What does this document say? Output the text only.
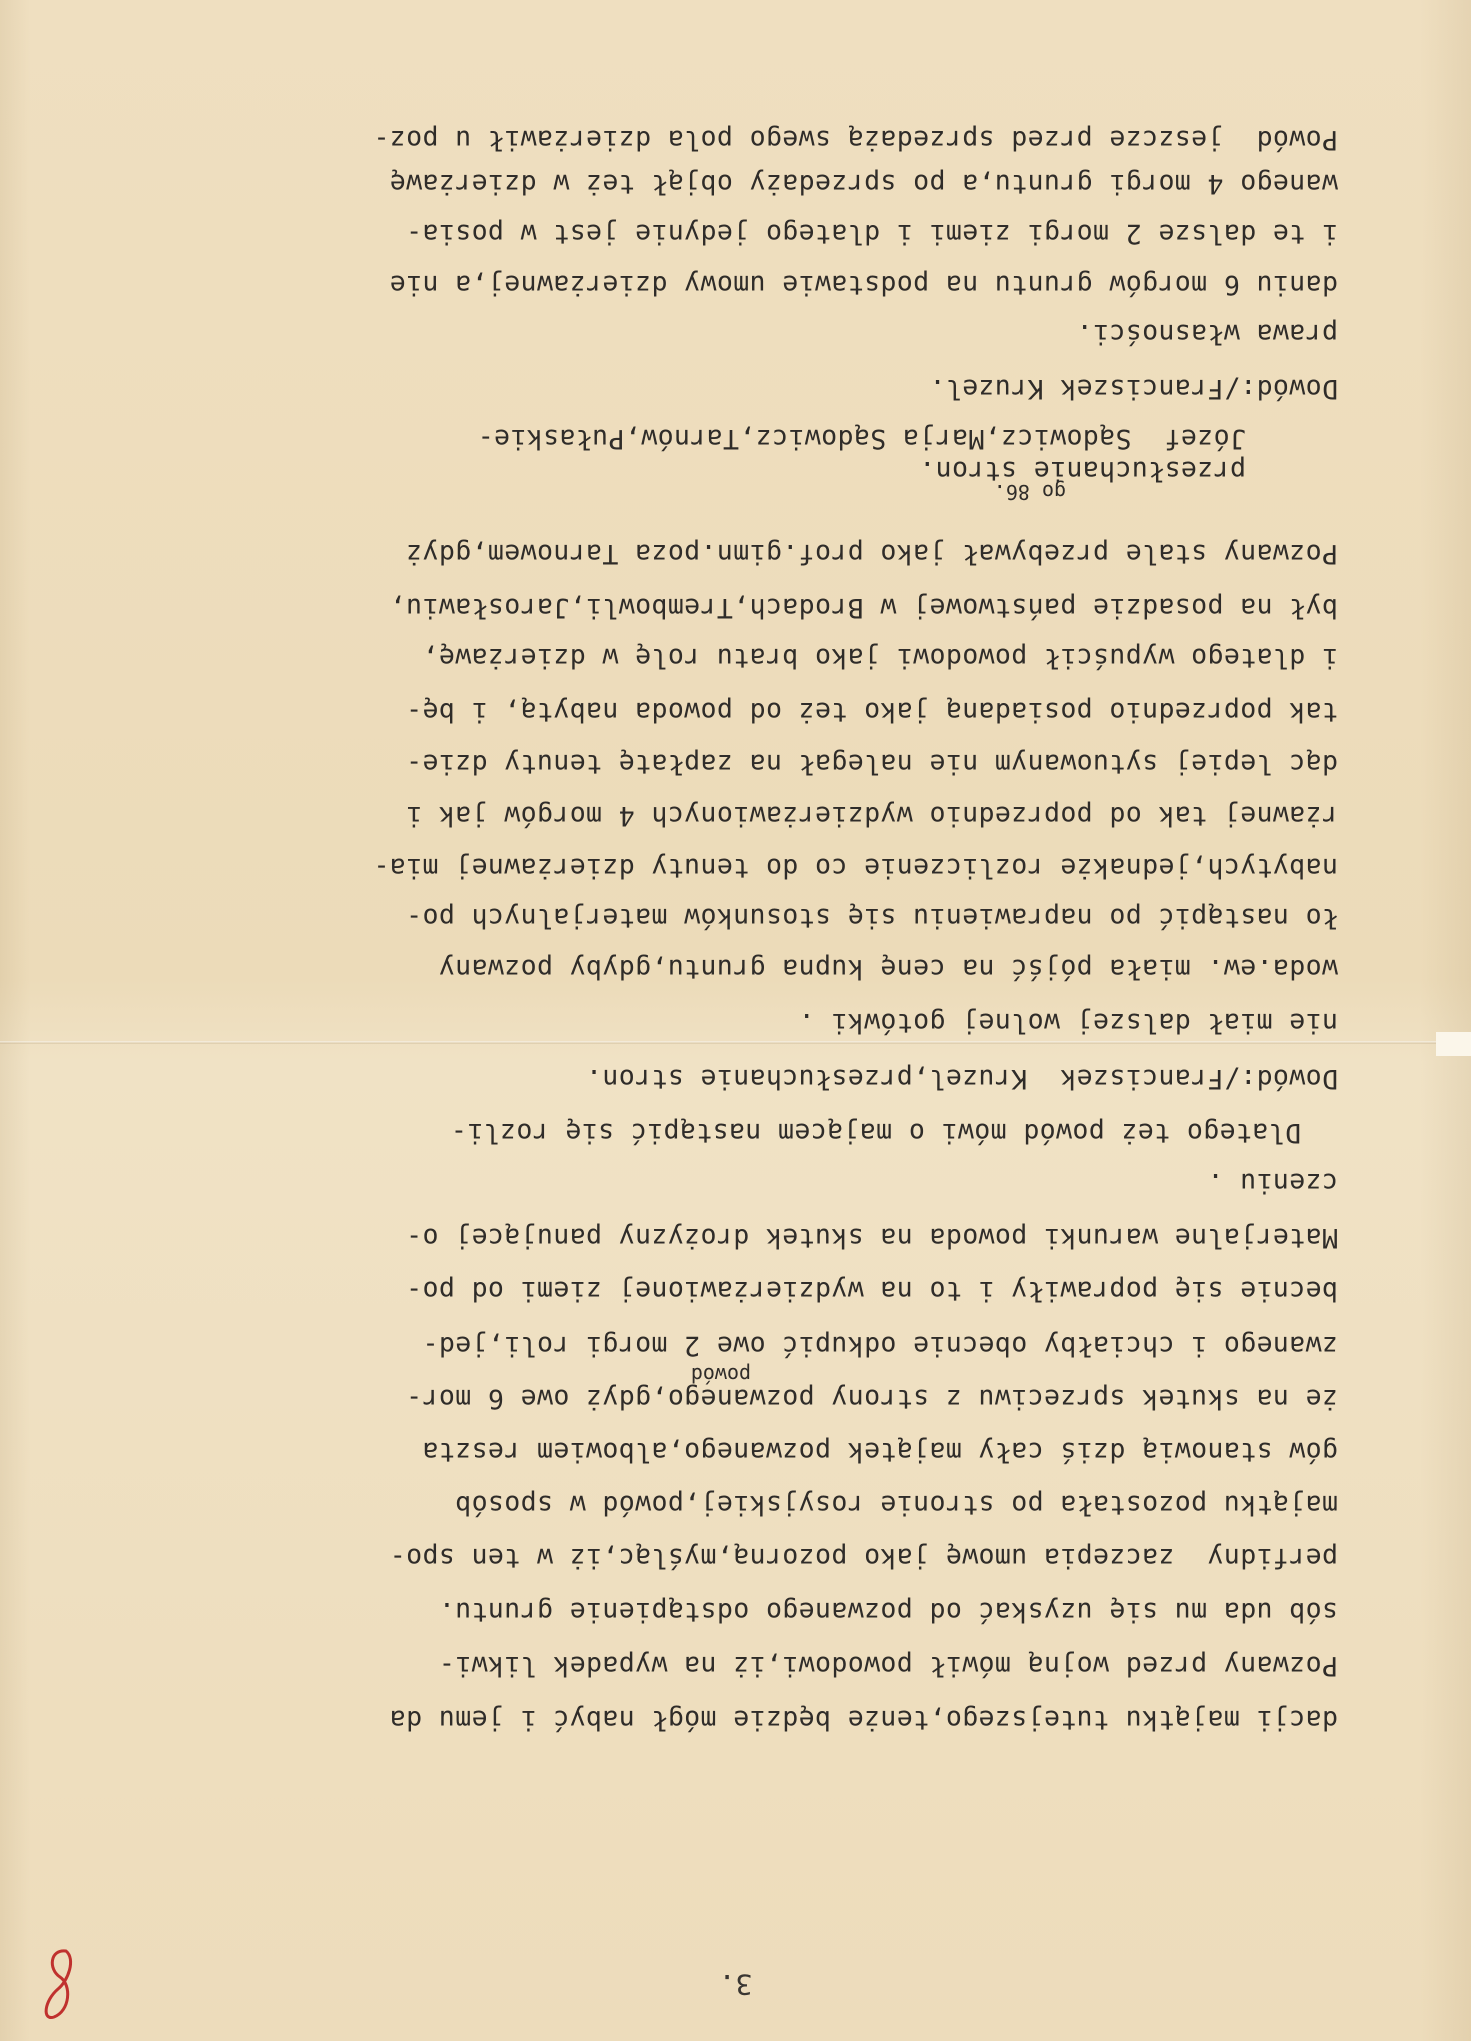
3.
Powód  jeszcze przed sprzedażą swego pola dzierżawił u poz-
wanego 4 morgi gruntu,a po sprzedaży objął też w dzierżawę
i te dalsze 2 morgi ziemi i dlatego jedynie jest w posia-
daniu 6 morgów gruntu na podstawie umowy dzierżawnej,a nie
prawa własności.
Dowód:/Franciszek Kruzel.
Józef  Sądowicz,Marja Sądowicz,Tarnów,Pułaskie-
przesłuchanie stron.
Pozwany stale przebywał jako prof.gimn.poza Tarnowem,gdyż
był na posadzie państwowej w Brodach,Trembowli,Jarosławiu,
i dlatego wypuścił powodowi jako bratu rolę w dzierżawę,
tak poprzednio posiadaną jako też od powoda nabytą, i bę-
dąc lepiej sytuowanym nie nalegał na zapłatę tenuty dzie-
rżawnej tak od poprzednio wydzierżawionych 4 morgów jak i
nabytych,jednakże rozliczenie co do tenuty dzierżawnej mia-
ło nastąpić po naprawieniu się stosunków materjalnych po-
woda.ew. miała pójść na cenę kupna gruntu,gdyby pozwany
nie miał dalszej wolnej gotówki .
Dowód:/Franciszek  Kruzel,przesłuchanie stron.
Dlatego też powód mówi o mającem nastąpić się rozli-
czeniu .
Materjalne warunki powoda na skutek drożyzny panującej o-
becnie się poprawiły i to na wydzierżawionej ziemi od po-
zwanego i chciałby obecnie odkupić owe 2 morgi roli,jed-
że na skutek sprzeciwu z strony pozwanego,gdyż owe 6 mor-
gów stanowią dziś cały majątek pozwanego,albowiem reszta
majątku pozostała po stronie rosyjskiej,powód w sposób
perfidny  zaczepia umowę jako pozorną,myśląc,iż w ten spo-
sób uda mu się uzyskać od pozwanego odstąpienie gruntu.
Pozwany przed wojną mówił powodowi,iż na wypadek likwi-
dacji majątku tutejszego,tenże będzie mógł nabyć i jemu da
go 86.
powód
